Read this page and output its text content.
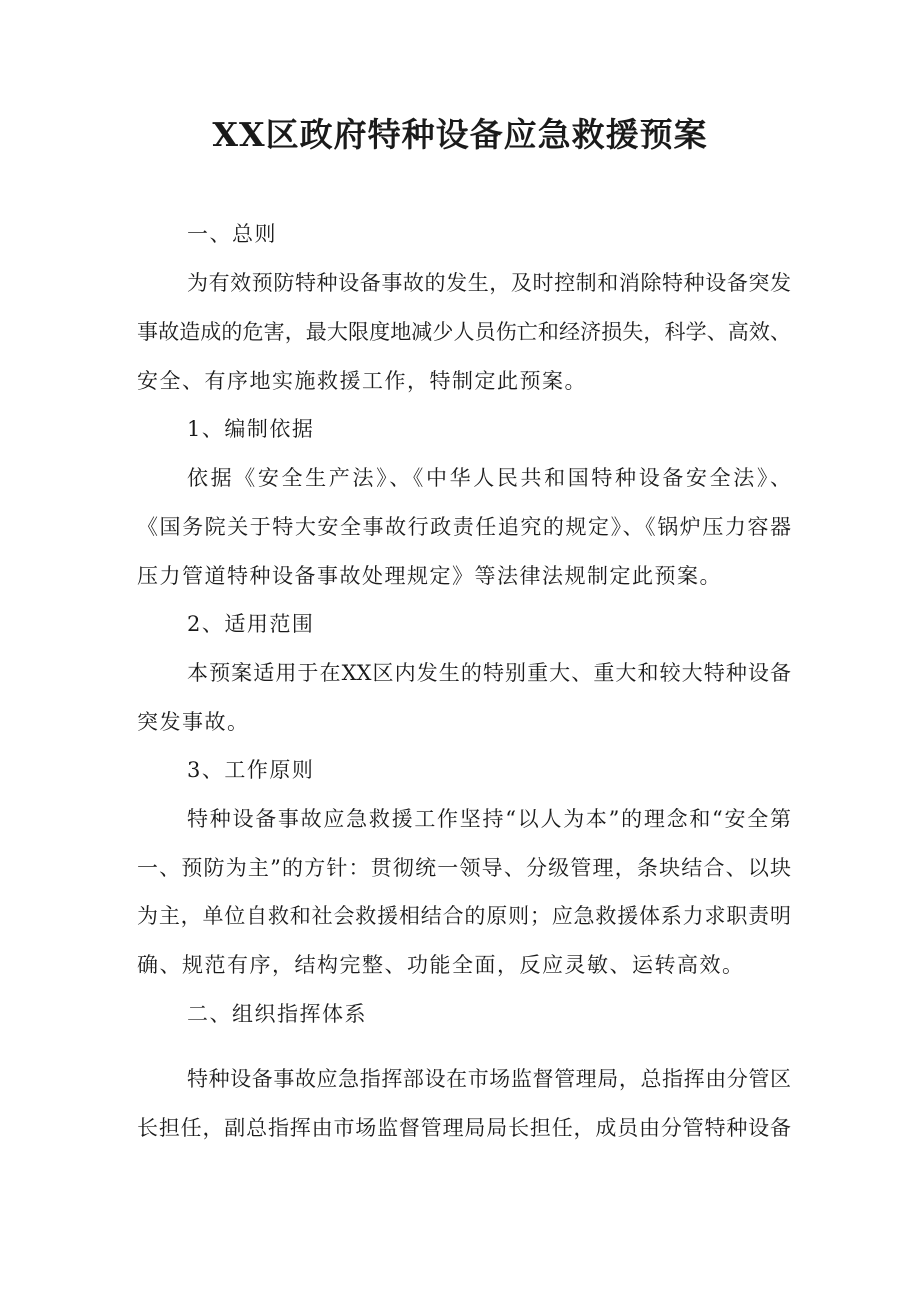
XX区政府特种设备应急救援预案
一、总则
为有效预防特种设备事故的发生，及时控制和消除特种设备突发
事故造成的危害，最大限度地减少人员伤亡和经济损失，科学、高效、
安全、有序地实施救援工作，特制定此预案。
1、编制依据
依据《安全生产法》、《中华人民共和国特种设备安全法》、
《国务院关于特大安全事故行政责任追究的规定》、《锅炉压力容器
压力管道特种设备事故处理规定》等法律法规制定此预案。
2、适用范围
本预案适用于在XX区内发生的特别重大、重大和较大特种设备
突发事故。
3、工作原则
特种设备事故应急救援工作坚持“以人为本”的理念和“安全第
一、预防为主”的方针：贯彻统一领导、分级管理，条块结合、以块
为主，单位自救和社会救援相结合的原则；应急救援体系力求职责明
确、规范有序，结构完整、功能全面，反应灵敏、运转高效。
二、组织指挥体系
特种设备事故应急指挥部设在市场监督管理局，总指挥由分管区
长担任，副总指挥由市场监督管理局局长担任，成员由分管特种设备
